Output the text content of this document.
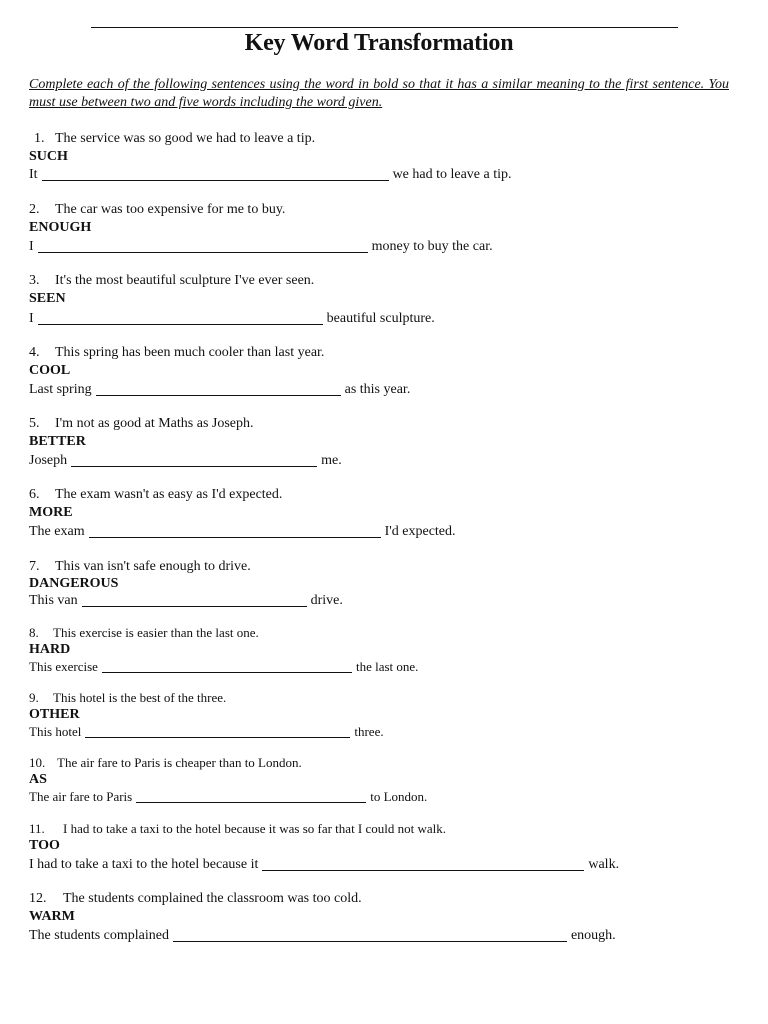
Key Word Transformation
Complete each of the following sentences using the word in bold so that it has a similar meaning to the first sentence. You must use between two and five words including the word given.
1. The service was so good we had to leave a tip.
SUCH
It	we had to leave a tip.
2. The car was too expensive for me to buy.
ENOUGH
I	money to buy the car.
3. It's the most beautiful sculpture I've ever seen.
SEEN
I	beautiful sculpture.
4. This spring has been much cooler than last year.
COOL
Last spring	as this year.
5. I'm not as good at Maths as Joseph.
BETTER
Joseph	me.
6. The exam wasn't as easy as I'd expected.
MORE
The exam	I'd expected.
7. This van isn't safe enough to drive.
DANGEROUS
This van	drive.
8. This exercise is easier than the last one.
HARD
This exercise	the last one.
9. This hotel is the best of the three.
OTHER
This hotel	three.
10. The air fare to Paris is cheaper than to London.
AS
The air fare to Paris	to London.
11. I had to take a taxi to the hotel because it was so far that I could not walk.
TOO
I had to take a taxi to the hotel because it	walk.
12. The students complained the classroom was too cold.
WARM
The students complained	enough.
